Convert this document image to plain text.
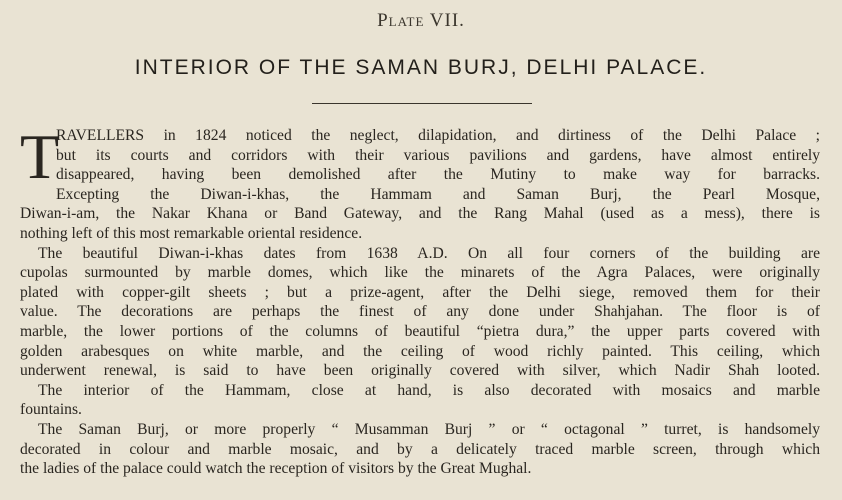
Plate VII.
INTERIOR OF THE SAMAN BURJ, DELHI PALACE.
T
RAVELLERS in 1824 noticed the neglect, dilapidation, and dirtiness of the Delhi Palace ;
but its courts and corridors with their various pavilions and gardens, have almost entirely
disappeared, having been demolished after the Mutiny to make way for barracks.
Excepting the Diwan-i-khas, the Hammam and Saman Burj, the Pearl Mosque,
Diwan-i-am, the Nakar Khana or Band Gateway, and the Rang Mahal (used as a mess), there is
nothing left of this most remarkable oriental residence.
The beautiful Diwan-i-khas dates from 1638 A.D. On all four corners of the building are
cupolas surmounted by marble domes, which like the minarets of the Agra Palaces, were originally
plated with copper-gilt sheets ; but a prize-agent, after the Delhi siege, removed them for their
value. The decorations are perhaps the finest of any done under Shahjahan. The floor is of
marble, the lower portions of the columns of beautiful “pietra dura,” the upper parts covered with
golden arabesques on white marble, and the ceiling of wood richly painted. This ceiling, which
underwent renewal, is said to have been originally covered with silver, which Nadir Shah looted.
The interior of the Hammam, close at hand, is also decorated with mosaics and marble
fountains.
The Saman Burj, or more properly “ Musamman Burj ” or “ octagonal ” turret, is handsomely
decorated in colour and marble mosaic, and by a delicately traced marble screen, through which
the ladies of the palace could watch the reception of visitors by the Great Mughal.
